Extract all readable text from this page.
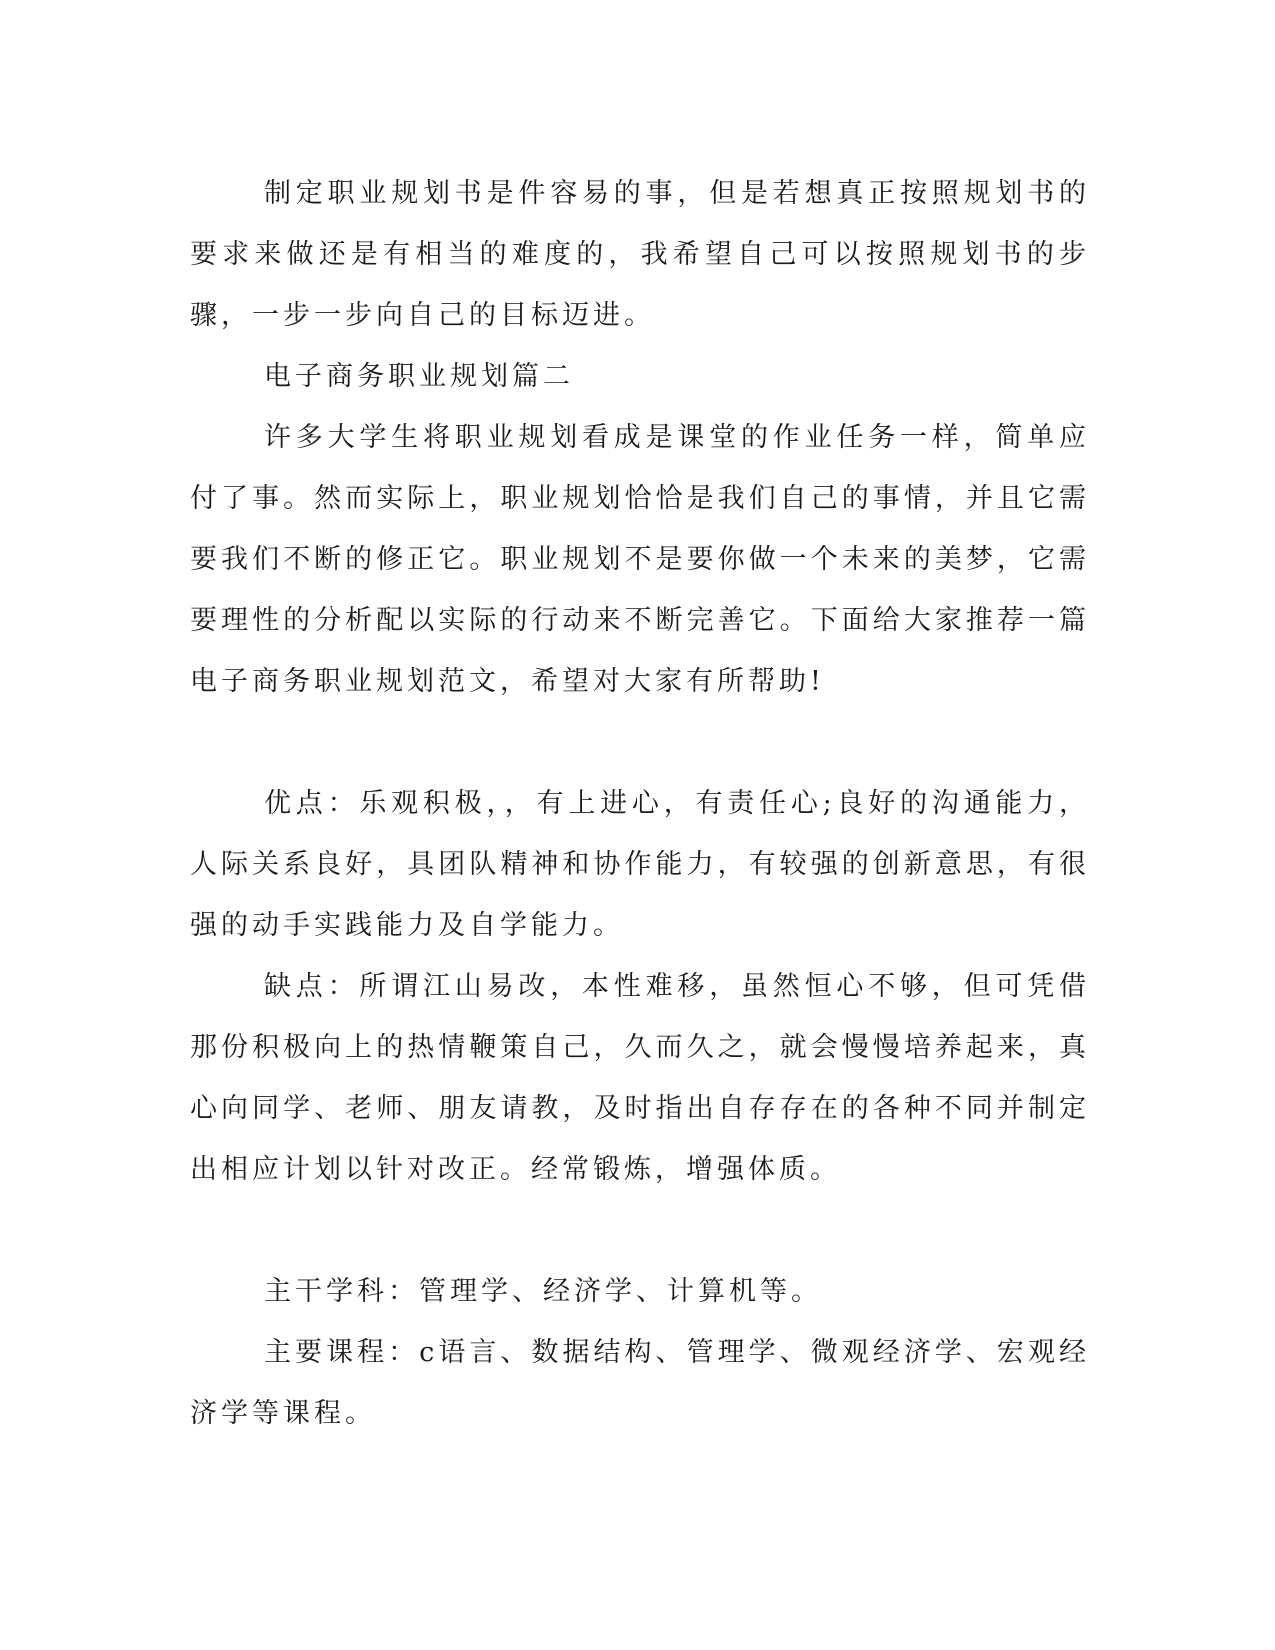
制定职业规划书是件容易的事，但是若想真正按照规划书的要求来做还是有相当的难度的，我希望自己可以按照规划书的步骤，一步一步向自己的目标迈进。

电子商务职业规划篇二

许多大学生将职业规划看成是课堂的作业任务一样，简单应付了事。然而实际上，职业规划恰恰是我们自己的事情，并且它需要我们不断的修正它。职业规划不是要你做一个未来的美梦，它需要理性的分析配以实际的行动来不断完善它。下面给大家推荐一篇电子商务职业规划范文，希望对大家有所帮助!

优点：乐观积极，，有上进心，有责任心;良好的沟通能力，人际关系良好，具团队精神和协作能力，有较强的创新意思，有很强的动手实践能力及自学能力。

缺点：所谓江山易改，本性难移，虽然恒心不够，但可凭借那份积极向上的热情鞭策自己，久而久之，就会慢慢培养起来，真心向同学、老师、朋友请教，及时指出自存存在的各种不同并制定出相应计划以针对改正。经常锻炼，增强体质。

主干学科：管理学、经济学、计算机等。

主要课程：c语言、数据结构、管理学、微观经济学、宏观经济学等课程。
